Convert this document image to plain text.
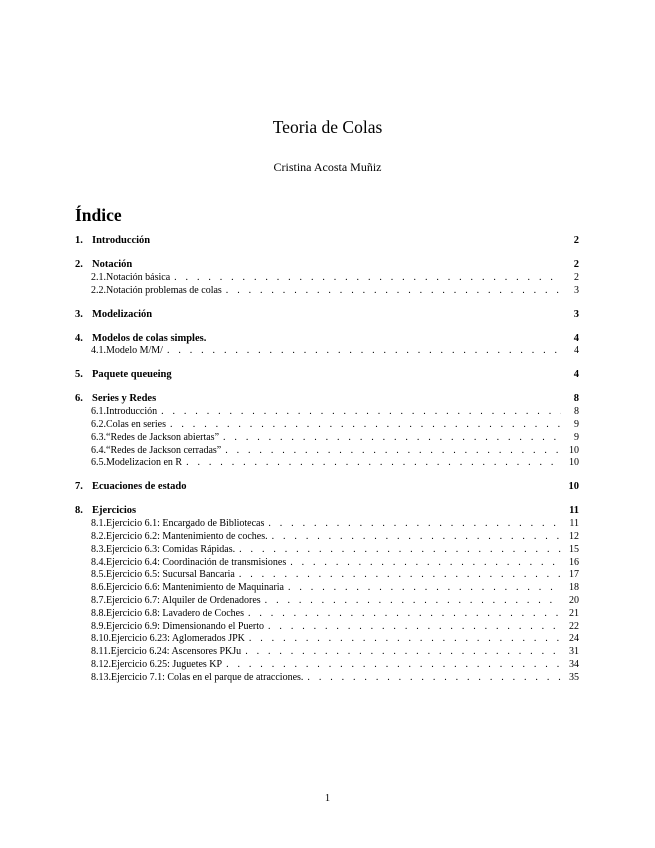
Teoria de Colas
Cristina Acosta Muñiz
Índice
1. Introducción	2
2. Notación	2
2.1. Notación básica . . .	2
2.2. Notación problemas de colas . . .	3
3. Modelización	3
4. Modelos de colas simples.	4
4.1. Modelo M/M/ . . .	4
5. Paquete queueing	4
6. Series y Redes	8
6.1. Introducción . . .	8
6.2. Colas en series . . .	9
6.3. “Redes de Jackson abiertas” . . .	9
6.4. “Redes de Jackson cerradas” . . .	10
6.5. Modelizacion en R . . .	10
7. Ecuaciones de estado	10
8. Ejercicios	11
8.1. Ejercicio 6.1: Encargado de Bibliotecas . . .	11
8.2. Ejercicio 6.2: Mantenimiento de coches. . . .	12
8.3. Ejercicio 6.3: Comidas Rápidas. . . .	15
8.4. Ejercicio 6.4: Coordinación de transmisiones . . .	16
8.5. Ejercicio 6.5: Sucursal Bancaria . . .	17
8.6. Ejercicio 6.6: Mantenimiento de Maquinaria . . .	18
8.7. Ejercicio 6.7: Alquiler de Ordenadores . . .	20
8.8. Ejercicio 6.8: Lavadero de Coches . . .	21
8.9. Ejercicio 6.9: Dimensionando el Puerto . . .	22
8.10. Ejercicio 6.23: Aglomerados JPK . . .	24
8.11. Ejercicio 6.24: Ascensores PKJu . . .	31
8.12. Ejercicio 6.25: Juguetes KP . . .	34
8.13. Ejercicio 7.1: Colas en el parque de atracciones. . . .	35
1
